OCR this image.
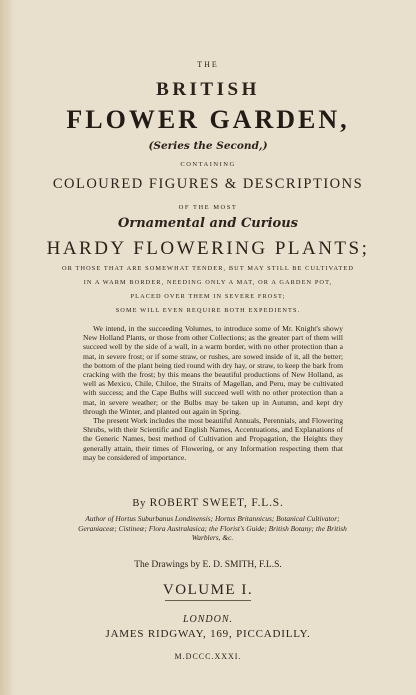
THE
BRITISH
FLOWER GARDEN,
(Series the Second,)
CONTAINING
COLOURED FIGURES & DESCRIPTIONS
OF THE MOST
Ornamental and Curious
HARDY FLOWERING PLANTS;
OR THOSE THAT ARE SOMEWHAT TENDER, BUT MAY STILL BE CULTIVATED
IN A WARM BORDER, NEEDING ONLY A MAT, OR A GARDEN POT,
PLACED OVER THEM IN SEVERE FROST;
SOME WILL EVEN REQUIRE BOTH EXPEDIENTS.

We intend, in the succeeding Volumes, to introduce some of Mr. Knight's showy New Holland Plants, or those from other Collections; as the greater part of them will succeed well by the side of a wall, in a warm border, with no other protection than a mat, in severe frost; or if some straw, or rushes, are sowed inside of it, all the better; the bottom of the plant being tied round with dry hay, or straw, to keep the bark from cracking with the frost; by this means the beautiful productions of New Holland, as well as Mexico, Chile, Chiloe, the Straits of Magellan, and Peru, may be cultivated with success; and the Cape Bulbs will succeed well with no other protection than a mat, in severe weather; or the Bulbs may be taken up in Autumn, and kept dry through the Winter, and planted out again in Spring.

The present Work includes the most beautiful Annuals, Perennials, and Flowering Shrubs, with their Scientific and English Names, Accentuations, and Explanations of the Generic Names, best method of Cultivation and Propagation, the Heights they generally attain, their times of Flowering, or any Information respecting them that may be considered of importance.

By ROBERT SWEET, F.L.S.
Author of Hortus Suburbanus Londinensis; Hortus Britannicus; Botanical Cultivator; Geraniaceæ; Cistineæ; Flora Australasica; the Florist's Guide; British Botany; the British Warblers, &c.
The Drawings by E. D. SMITH, F.L.S.
VOLUME I.
LONDON.
JAMES RIDGWAY, 169, PICCADILLY.
M.DCCC.XXXI.
